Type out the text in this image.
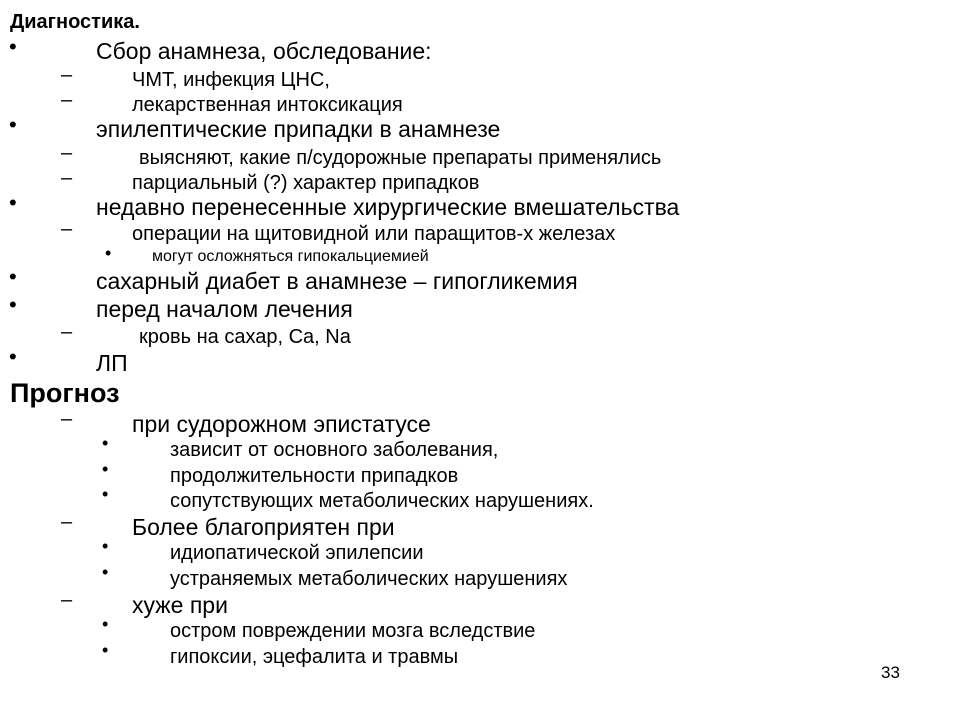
Диагностика.
•	Сбор анамнеза, обследование:
–	ЧМТ, инфекция ЦНС,
–	лекарственная интоксикация
•	эпилептические припадки в анамнезе
–	выясняют, какие п/судорожные препараты применялись
–	парциальный (?) характер припадков
•	недавно перенесенные хирургические вмешательства
–	операции на щитовидной или паращитов-х железах
•	могут осложняться гипокальциемией
•	сахарный диабет в анамнезе – гипогликемия
•	перед началом лечения
–	кровь на сахар, Ca, Na
•	ЛП
Прогноз
–	при судорожном эпистатусе
•	зависит от основного заболевания,
•	продолжительности припадков
•	сопутствующих метаболических нарушениях.
–	Более благоприятен при
•	идиопатической эпилепсии
•	устраняемых метаболических нарушениях
–	хуже при
•	остром повреждении мозга вследствие
•	гипоксии, эцефалита и травмы
33
